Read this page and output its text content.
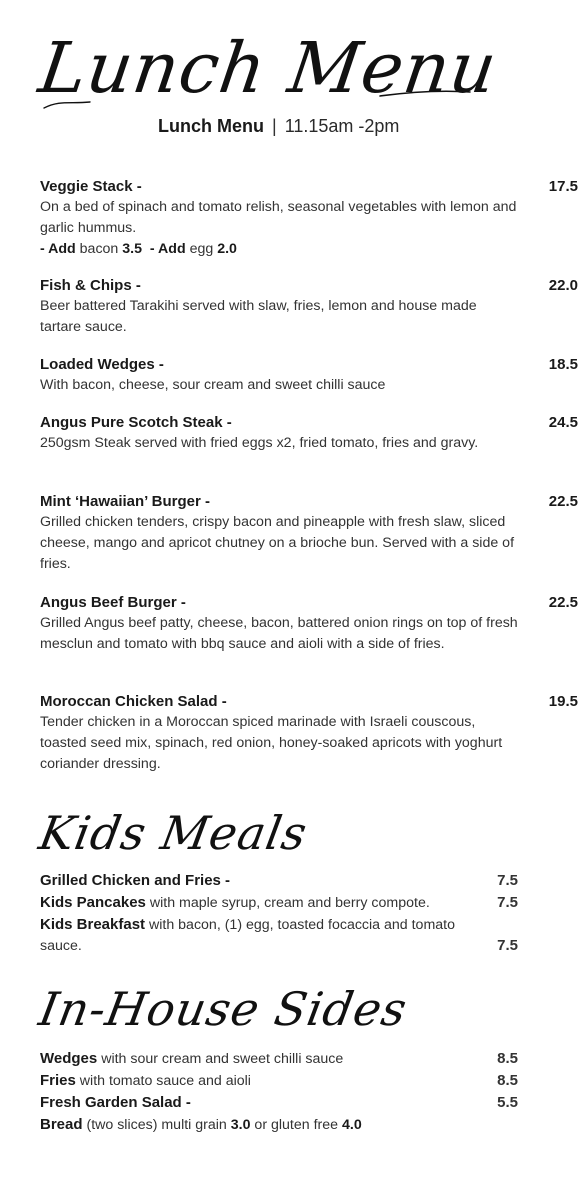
Lunch Menu
Lunch Menu | 11.15am -2pm
Veggie Stack -	17.5
On a bed of spinach and tomato relish, seasonal vegetables with lemon and garlic hummus.
- Add bacon 3.5 - Add egg 2.0
Fish & Chips -	22.0
Beer battered Tarakihi served with slaw, fries, lemon and house made tartare sauce.
Loaded Wedges -	18.5
With bacon, cheese, sour cream and sweet chilli sauce
Angus Pure Scotch Steak -	24.5
250gsm Steak served with fried eggs x2, fried tomato, fries and gravy.
Mint ‘Hawaiian’ Burger -	22.5
Grilled chicken tenders, crispy bacon and pineapple with fresh slaw, sliced cheese, mango and apricot chutney on a brioche bun. Served with a side of fries.
Angus Beef Burger -	22.5
Grilled Angus beef patty, cheese, bacon, battered onion rings on top of fresh mesclun and tomato with bbq sauce and aioli with a side of fries.
Moroccan Chicken Salad -	19.5
Tender chicken in a Moroccan spiced marinade with Israeli couscous, toasted seed mix, spinach, red onion, honey-soaked apricots with yoghurt coriander dressing.
Kids Meals
Grilled Chicken and Fries -	7.5
Kids Pancakes with maple syrup, cream and berry compote.	7.5
Kids Breakfast with bacon, (1) egg, toasted focaccia and tomato sauce.	7.5
In-House Sides
Wedges with sour cream and sweet chilli sauce	8.5
Fries with tomato sauce and aioli	8.5
Fresh Garden Salad -	5.5
Bread (two slices) multi grain 3.0 or gluten free 4.0
